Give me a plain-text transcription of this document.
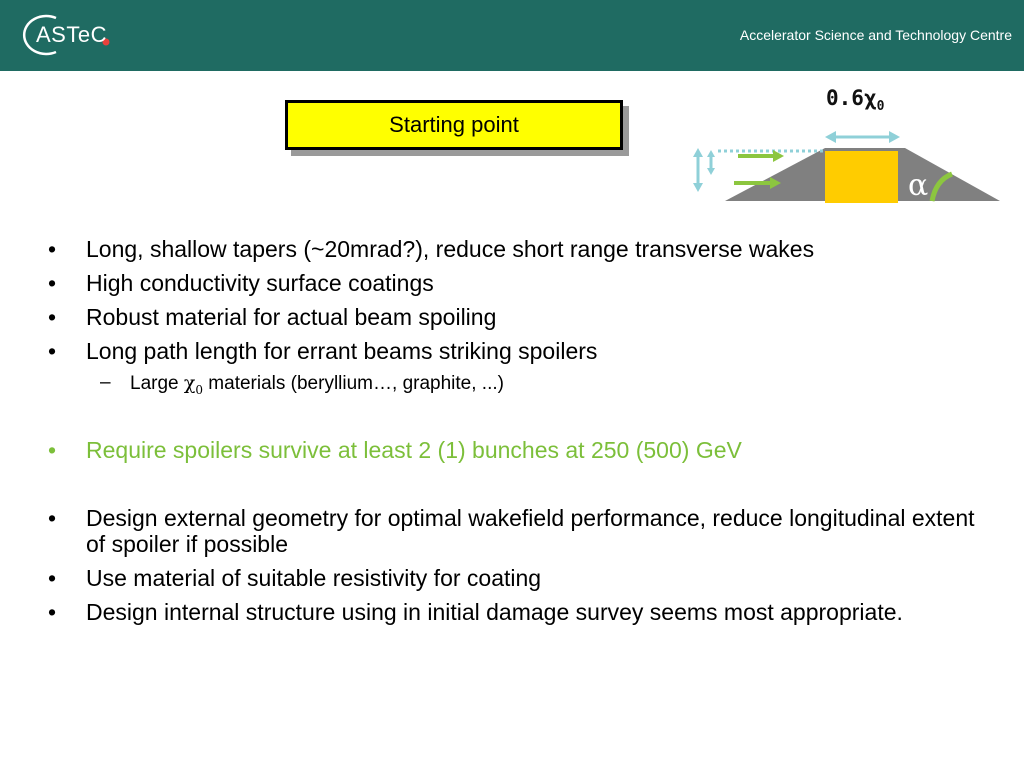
ASTeC	Accelerator Science and Technology Centre
Starting point
$0.6\chi_0$
α
• Long, shallow tapers (~20mrad?), reduce short range transverse wakes
• High conductivity surface coatings
• Robust material for actual beam spoiling
• Long path length for errant beams striking spoilers
– Large $\chi_0$ materials (beryllium…, graphite, ...)
• Require spoilers survive at least 2 (1) bunches at 250 (500) GeV
• Design external geometry for optimal wakefield performance, reduce longitudinal extent of spoiler if possible
• Use material of suitable resistivity for coating
• Design internal structure using in initial damage survey seems most appropriate.
